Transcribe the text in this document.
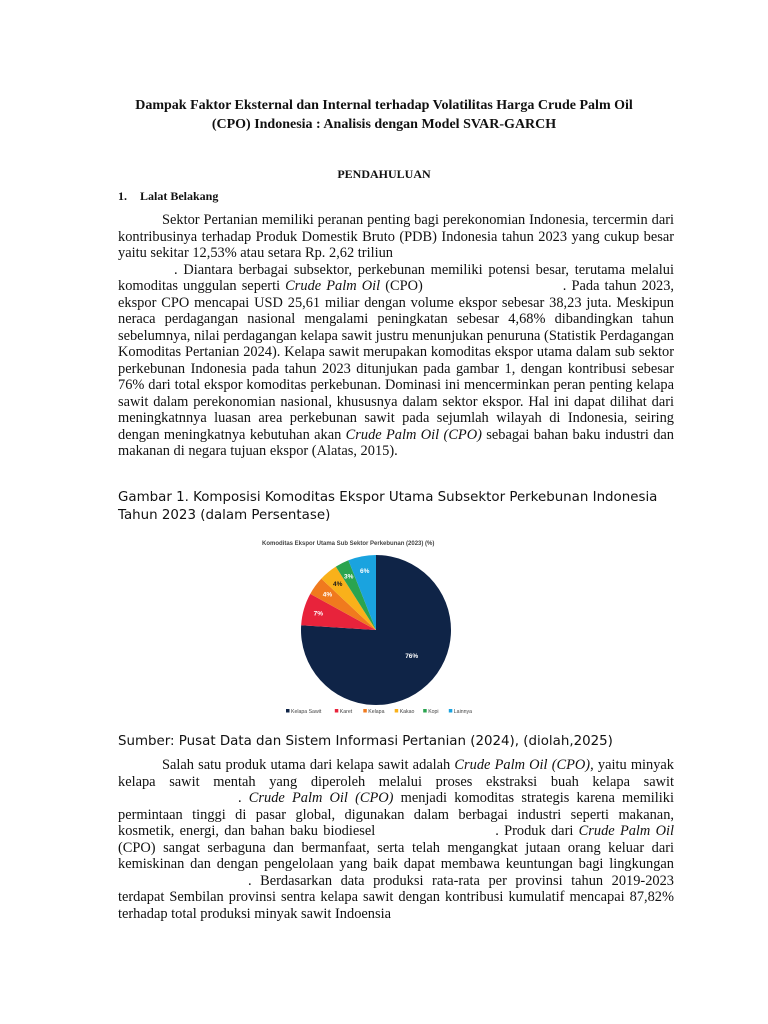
Dampak Faktor Eksternal dan Internal terhadap Volatilitas Harga Crude Palm Oil
(CPO) Indonesia : Analisis dengan Model SVAR-GARCH
PENDAHULUAN
1. Lalat Belakang

Sektor Pertanian memiliki peranan penting bagi perekonomian Indonesia, tercermin dari kontribusinya terhadap Produk Domestik Bruto (PDB) Indonesia tahun 2023 yang cukup besar yaitu sekitar 12,53% atau setara Rp. 2,62 triliun
. Diantara berbagai subsektor, perkebunan memiliki potensi besar, terutama melalui komoditas unggulan seperti Crude Palm Oil (CPO)	. Pada tahun 2023, ekspor CPO mencapai USD 25,61 miliar dengan volume ekspor sebesar 38,23 juta. Meskipun neraca perdagangan nasional mengalami peningkatan sebesar 4,68% dibandingkan tahun sebelumnya, nilai perdagangan kelapa sawit justru menunjukan penuruna (Statistik Perdagangan Komoditas Pertanian 2024). Kelapa sawit merupakan komoditas ekspor utama dalam sub sektor perkebunan Indonesia pada tahun 2023 ditunjukan pada gambar 1, dengan kontribusi sebesar 76% dari total ekspor komoditas perkebunan. Dominasi ini mencerminkan peran penting kelapa sawit dalam perekonomian nasional, khususnya dalam sektor ekspor. Hal ini dapat dilihat dari meningkatnnya luasan area perkebunan sawit pada sejumlah wilayah di Indonesia, seiring dengan meningkatnya kebutuhan akan Crude Palm Oil (CPO) sebagai bahan baku industri dan makanan di negara tujuan ekspor (Alatas, 2015).

Gambar 1. Komposisi Komoditas Ekspor Utama Subsektor Perkebunan Indonesia Tahun 2023 (dalam Persentase)
Komoditas Ekspor Utama Sub Sektor Perkebunan (2023) (%)
76%
7%
4%
4%
3%
6%
Kelapa Sawit	Karet	Kelapa	Kakao	Kopi	Lainnya
Sumber: Pusat Data dan Sistem Informasi Pertanian (2024), (diolah,2025)

Salah satu produk utama dari kelapa sawit adalah Crude Palm Oil (CPO), yaitu minyak kelapa sawit mentah yang diperoleh melalui proses ekstraksi buah kelapa sawit. Crude Palm Oil (CPO) menjadi komoditas strategis karena memiliki permintaan tinggi di pasar global, digunakan dalam berbagai industri seperti makanan, kosmetik, energi, dan bahan baku biodiesel	. Produk dari Crude Palm Oil (CPO) sangat serbaguna dan bermanfaat, serta telah mengangkat jutaan orang keluar dari kemiskinan dan dengan pengelolaan yang baik dapat membawa keuntungan bagi lingkungan. Berdasarkan data produksi rata-rata per provinsi tahun 2019-2023 terdapat Sembilan provinsi sentra kelapa sawit dengan kontribusi kumulatif mencapai 87,82% terhadap total produksi minyak sawit Indoensia
